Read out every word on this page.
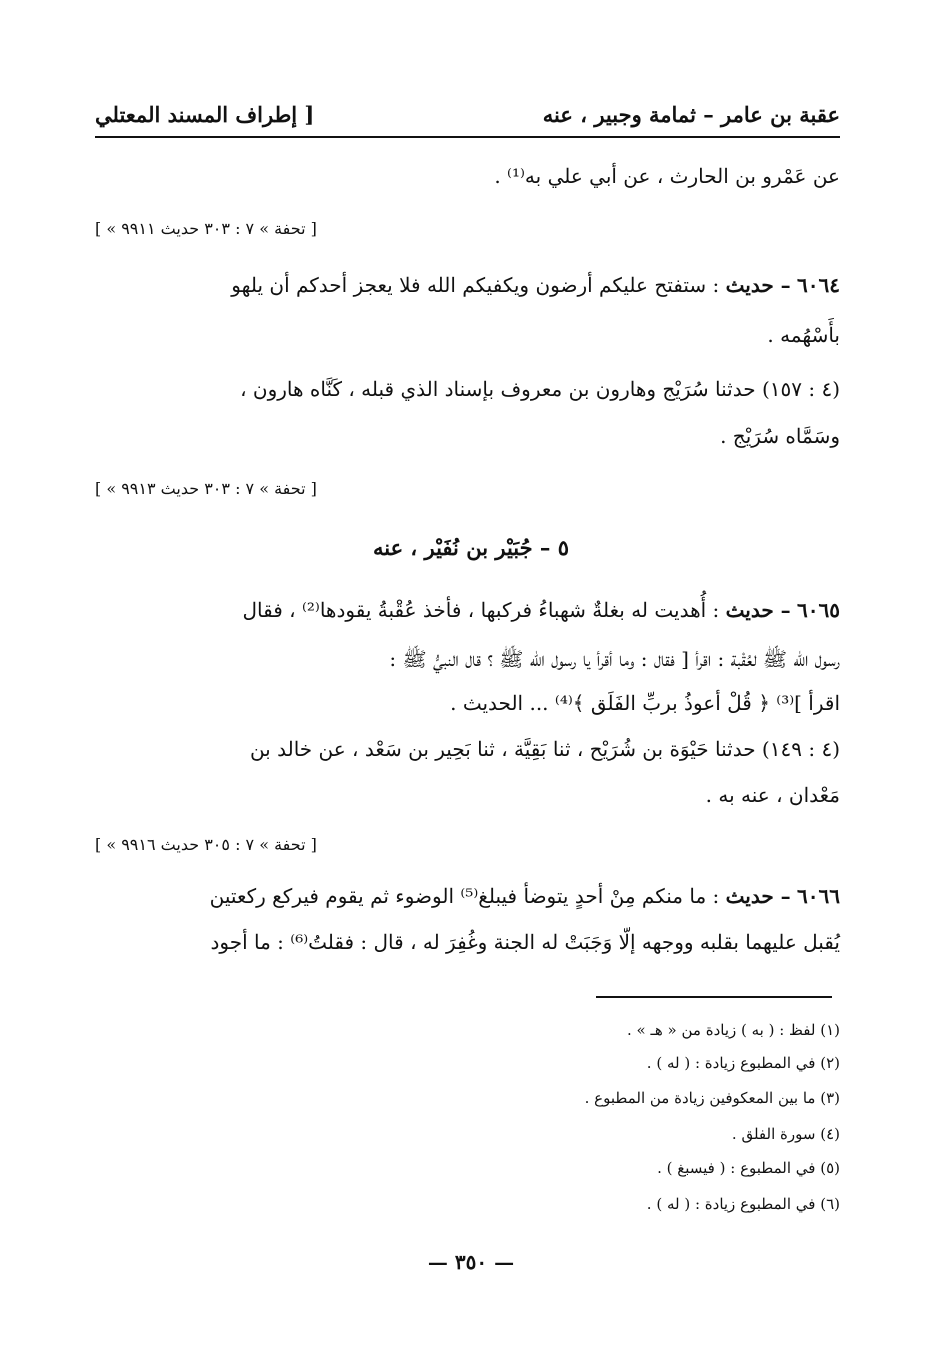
عقبة بن عامر – ثمامة وجبير ، عنه
[ إطراف المسند المعتلي
عن عَمْرو بن الحارث ، عن أبي علي به⁽¹⁾ .
[ « تحفة » ٧ : ٣٠٣ حديث ٩٩١١ ]
٦٠٦٤ – حديث : ستفتح عليكم أرضون ويكفيكم الله فلا يعجز أحدكم أن يلهو
بأَسْهُمه .
(٤ : ١٥٧) حدثنا سُرَيْج وهارون بن معروف بإسناد الذي قبله ، كَنَّاه هارون ،
وسَمَّاه سُرَيْج .
[ « تحفة » ٧ : ٣٠٣ حديث ٩٩١٣ ]
٥ – جُبَيْر بن نُفَيْر ، عنه
٦٠٦٥ – حديث : أُهديت له بغلةٌ شهباءُ فركبها ، فأخذ عُقْبةُ يقودها⁽²⁾ ، فقال
رسول الله ﷺ لعُقْبة : اقرأ [ فقال : وما أقرأ يا رسول الله ﷺ ؟ قال النبيُّ ﷺ :
اقرأ ]⁽³⁾ ﴿ قُلْ أعوذُ بربِّ الفَلَق ﴾⁽⁴⁾ ... الحديث .
(٤ : ١٤٩) حدثنا حَيْوَة بن شُرَيْح ، ثنا بَقِيَّة ، ثنا بَحِير بن سَعْد ، عن خالد بن
مَعْدان ، عنه به .
[ « تحفة » ٧ : ٣٠٥ حديث ٩٩١٦ ]
٦٠٦٦ – حديث : ما منكم مِنْ أحدٍ يتوضأ فيبلغ⁽⁵⁾ الوضوء ثم يقوم فيركع ركعتين
يُقبل عليهما بقلبه ووجهه إلّا وَجَبَتْ له الجنة وغُفِرَ له ، قال : فقلتُ⁽⁶⁾ : ما أجود
(١) لفظ : ( به ) زيادة من « هـ » .
(٢) في المطبوع زيادة : ( له ) .
(٣) ما بين المعكوفين زيادة من المطبوع .
(٤) سورة الفلق .
(٥) في المطبوع : ( فيسبغ ) .
(٦) في المطبوع زيادة : ( له ) .
— ٣٥٠ —
